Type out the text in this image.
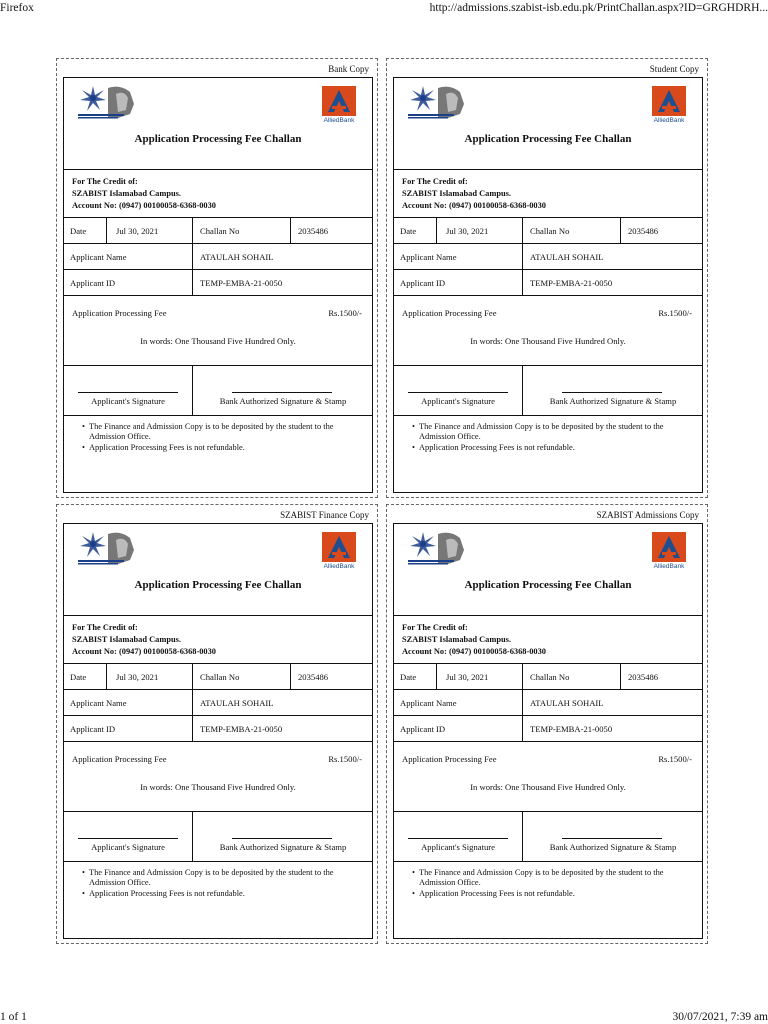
Firefox	http://admissions.szabist-isb.edu.pk/PrintChallan.aspx?ID=GRGHDRH...
Bank Copy
AlliedBank
Application Processing Fee Challan
For The Credit of:
SZABIST Islamabad Campus.
Account No: (0947) 00100058-6368-0030
Date	Jul 30, 2021	Challan No	2035486
Applicant Name	ATAULAH SOHAIL
Applicant ID	TEMP-EMBA-21-0050
Application Processing Fee	Rs.1500/-
In words: One Thousand Five Hundred Only.
Applicant's Signature	Bank Authorized Signature & Stamp
• The Finance and Admission Copy is to be deposited by the student to the Admission Office.
• Application Processing Fees is not refundable.
Student Copy
AlliedBank
Application Processing Fee Challan
For The Credit of:
SZABIST Islamabad Campus.
Account No: (0947) 00100058-6368-0030
Date	Jul 30, 2021	Challan No	2035486
Applicant Name	ATAULAH SOHAIL
Applicant ID	TEMP-EMBA-21-0050
Application Processing Fee	Rs.1500/-
In words: One Thousand Five Hundred Only.
Applicant's Signature	Bank Authorized Signature & Stamp
• The Finance and Admission Copy is to be deposited by the student to the Admission Office.
• Application Processing Fees is not refundable.
SZABIST Finance Copy
AlliedBank
Application Processing Fee Challan
For The Credit of:
SZABIST Islamabad Campus.
Account No: (0947) 00100058-6368-0030
Date	Jul 30, 2021	Challan No	2035486
Applicant Name	ATAULAH SOHAIL
Applicant ID	TEMP-EMBA-21-0050
Application Processing Fee	Rs.1500/-
In words: One Thousand Five Hundred Only.
Applicant's Signature	Bank Authorized Signature & Stamp
• The Finance and Admission Copy is to be deposited by the student to the Admission Office.
• Application Processing Fees is not refundable.
SZABIST Admissions Copy
AlliedBank
Application Processing Fee Challan
For The Credit of:
SZABIST Islamabad Campus.
Account No: (0947) 00100058-6368-0030
Date	Jul 30, 2021	Challan No	2035486
Applicant Name	ATAULAH SOHAIL
Applicant ID	TEMP-EMBA-21-0050
Application Processing Fee	Rs.1500/-
In words: One Thousand Five Hundred Only.
Applicant's Signature	Bank Authorized Signature & Stamp
• The Finance and Admission Copy is to be deposited by the student to the Admission Office.
• Application Processing Fees is not refundable.
1 of 1	30/07/2021, 7:39 am
